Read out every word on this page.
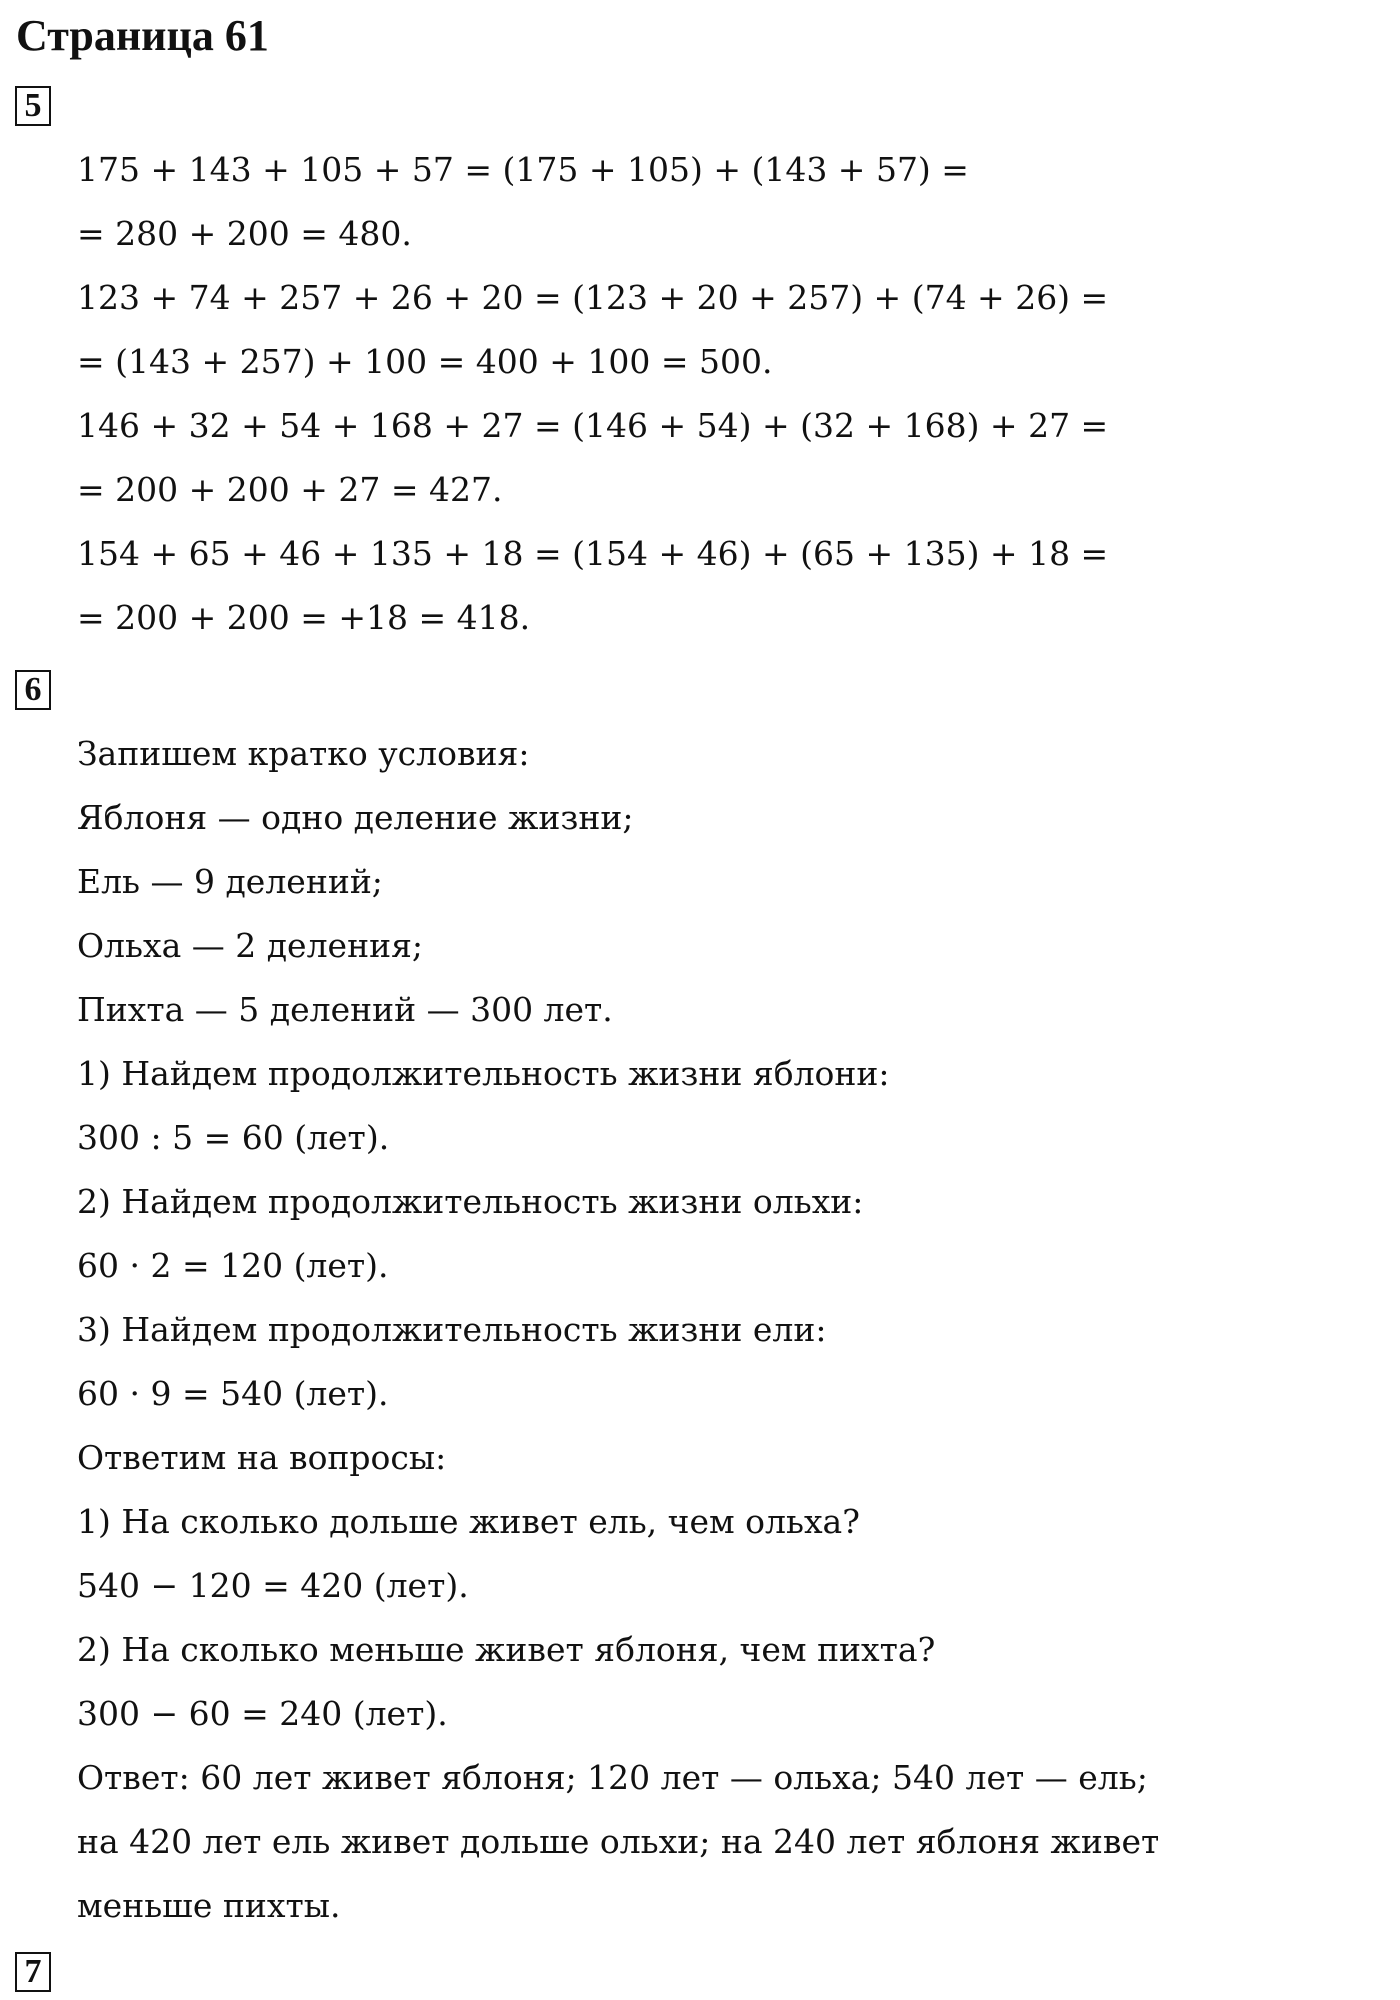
Страница 61
5
175 + 143 + 105 + 57 = (175 + 105) + (143 + 57) =
= 280 + 200 = 480.
123 + 74 + 257 + 26 + 20 = (123 + 20 + 257) + (74 + 26) =
= (143 + 257) + 100 = 400 + 100 = 500.
146 + 32 + 54 + 168 + 27 = (146 + 54) + (32 + 168) + 27 =
= 200 + 200 + 27 = 427.
154 + 65 + 46 + 135 + 18 = (154 + 46) + (65 + 135) + 18 =
= 200 + 200 = +18 = 418.
6
Запишем кратко условия:
Яблоня — одно деление жизни;
Ель — 9 делений;
Ольха — 2 деления;
Пихта — 5 делений — 300 лет.
1) Найдем продолжительность жизни яблони:
300 : 5 = 60 (лет).
2) Найдем продолжительность жизни ольхи:
60 · 2 = 120 (лет).
3) Найдем продолжительность жизни ели:
60 · 9 = 540 (лет).
Ответим на вопросы:
1) На сколько дольше живет ель, чем ольха?
540 − 120 = 420 (лет).
2) На сколько меньше живет яблоня, чем пихта?
300 − 60 = 240 (лет).
Ответ: 60 лет живет яблоня; 120 лет — ольха; 540 лет — ель;
на 420 лет ель живет дольше ольхи; на 240 лет яблоня живет
меньше пихты.
7
